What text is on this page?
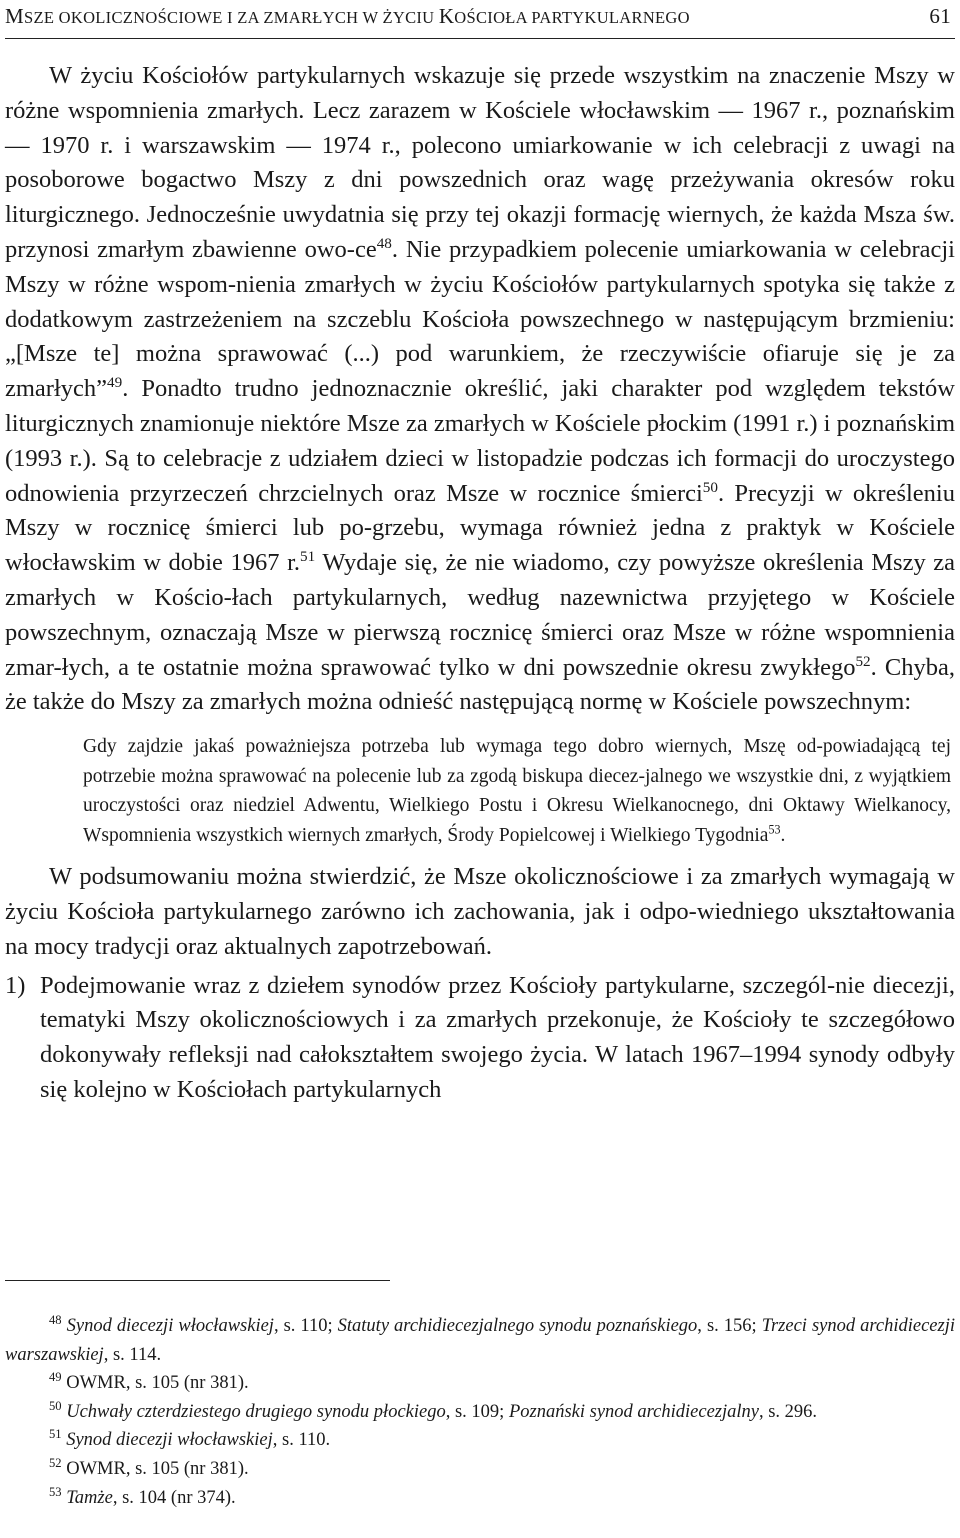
MSZE OKOLICZNOŚCIOWE I ZA ZMARŁYCH W ŻYCIU KOŚCIOŁA PARTYKULARNEGO	61

W życiu Kościołów partykularnych wskazuje się przede wszystkim na znaczenie Mszy w różne wspomnienia zmarłych. Lecz zarazem w Kościele włocławskim — 1967 r., poznańskim — 1970 r. i warszawskim — 1974 r., polecono umiarkowanie w ich celebracji z uwagi na posoborowe bogactwo Mszy z dni powszednich oraz wagę przeżywania okresów roku liturgicznego. Jednocześnie uwydatnia się przy tej okazji formację wiernych, że każda Msza św. przynosi zmarłym zbawienne owo-$ce^{48}$. Nie przypadkiem polecenie umiarkowania w celebracji Mszy w różne wspom-nienia zmarłych w życiu Kościołów partykularnych spotyka się także z dodatkowym zastrzeżeniem na szczeblu Kościoła powszechnego w następującym brzmieniu: „[Msze te] można sprawować (...) pod warunkiem, że rzeczywiście ofiaruje się je za zmarłych”$^{49}$. Ponadto trudno jednoznacznie określić, jaki charakter pod względem tekstów liturgicznych znamionuje niektóre Msze za zmarłych w Kościele płockim (1991 r.) i poznańskim (1993 r.). Są to celebracje z udziałem dzieci w listopadzie podczas ich formacji do uroczystego odnowienia przyrzeczeń chrzcielnych oraz Msze w rocznice śmierci$^{50}$. Precyzji w określeniu Mszy w rocznicę śmierci lub po-grzebu, wymaga również jedna z praktyk w Kościele włocławskim w dobie 1967 r.$^{51}$ Wydaje się, że nie wiadomo, czy powyższe określenia Mszy za zmarłych w Kościo-łach partykularnych, według nazewnictwa przyjętego w Kościele powszechnym, oznaczają Msze w pierwszą rocznicę śmierci oraz Msze w różne wspomnienia zmar-łych, a te ostatnie można sprawować tylko w dni powszednie okresu zwykłego$^{52}$. Chyba, że także do Mszy za zmarłych można odnieść następującą normę w Kościele powszechnym:

Gdy zajdzie jakaś poważniejsza potrzeba lub wymaga tego dobro wiernych, Mszę od-powiadającą tej potrzebie można sprawować na polecenie lub za zgodą biskupa diecez-jalnego we wszystkie dni, z wyjątkiem uroczystości oraz niedziel Adwentu, Wielkiego Postu i Okresu Wielkanocnego, dni Oktawy Wielkanocy, Wspomnienia wszystkich wiernych zmarłych, Środy Popielcowej i Wielkiego Tygodnia$^{53}$.

W podsumowaniu można stwierdzić, że Msze okolicznościowe i za zmarłych wymagają w życiu Kościoła partykularnego zarówno ich zachowania, jak i odpo-wiedniego ukształtowania na mocy tradycji oraz aktualnych zapotrzebowań.

1) Podejmowanie wraz z dziełem synodów przez Kościoły partykularne, szczegól-nie diecezji, tematyki Mszy okolicznościowych i za zmarłych przekonuje, że Kościoły te szczegółowo dokonywały refleksji nad całokształtem swojego życia. W latach 1967–1994 synody odbyły się kolejno w Kościołach partykularnych

$^{48}$ Synod diecezji włocławskiej, s. 110; Statuty archidiecezjalnego synodu poznańskiego, s. 156; Trzeci synod archidiecezji warszawskiej, s. 114.

$^{49}$ OWMR, s. 105 (nr 381).

$^{50}$ Uchwały czterdziestego drugiego synodu płockiego, s. 109; Poznański synod archidiecezjalny, s. 296.

$^{51}$ Synod diecezji włocławskiej, s. 110.

$^{52}$ OWMR, s. 105 (nr 381).

$^{53}$ Tamże, s. 104 (nr 374).
